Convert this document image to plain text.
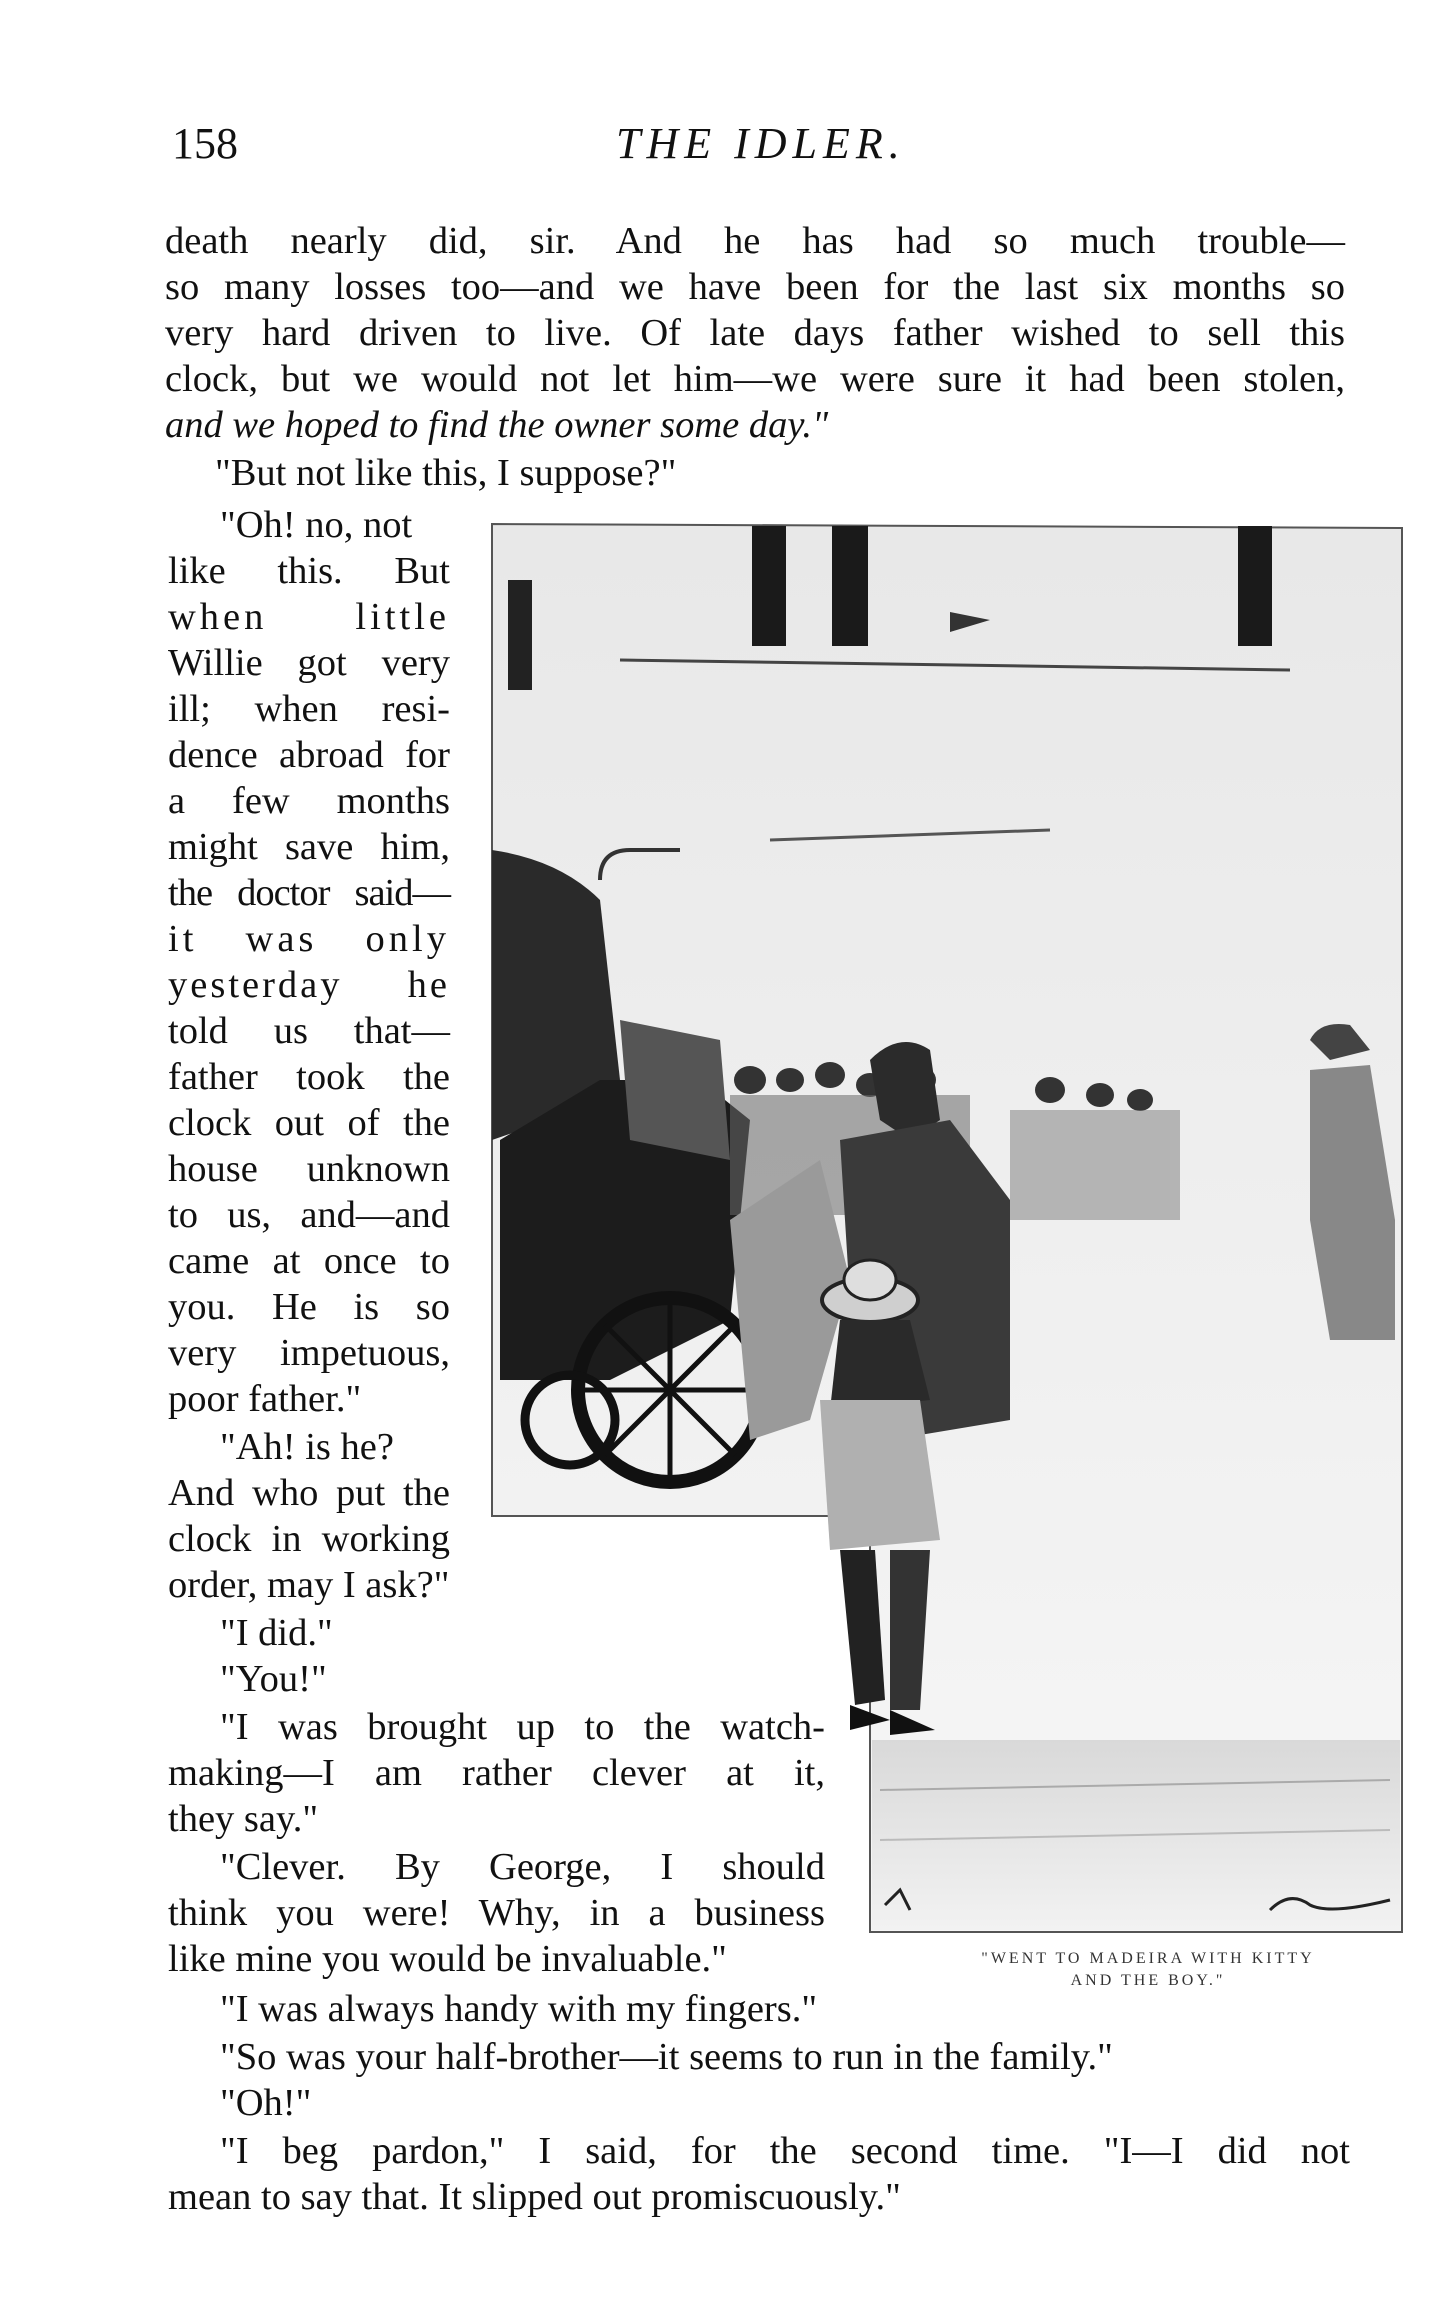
158	THE IDLER.
death nearly did, sir. And he has had so much trouble—
so many losses too—and we have been for the last six months so
very hard driven to live. Of late days father wished to sell this
clock, but we would not let him—we were sure it had been stolen,
and we hoped to find the owner some day."
"But not like this, I suppose?"
"Oh! no, not
like this. But
when little
Willie got very
ill; when resi-
dence abroad for
a few months
might save him,
the doctor said—
it was only
yesterday he
told us that—
father took the
clock out of the
house unknown
to us, and—and
came at once to
you. He is so
very impetuous,
poor father."
"Ah! is he?
And who put the
clock in working
order, may I ask?"
"I did."
"You!"
"I was brought up to the watch-
making—I am rather clever at it,
they say."
"Clever. By George, I should
think you were! Why, in a business
like mine you would be invaluable."
"I was always handy with my fingers."
"So was your half-brother—it seems to run in the family."
"Oh!"
"I beg pardon," I said, for the second time. "I—I did not
mean to say that. It slipped out promiscuously."
"WENT TO MADEIRA WITH KITTY
AND THE BOY."
